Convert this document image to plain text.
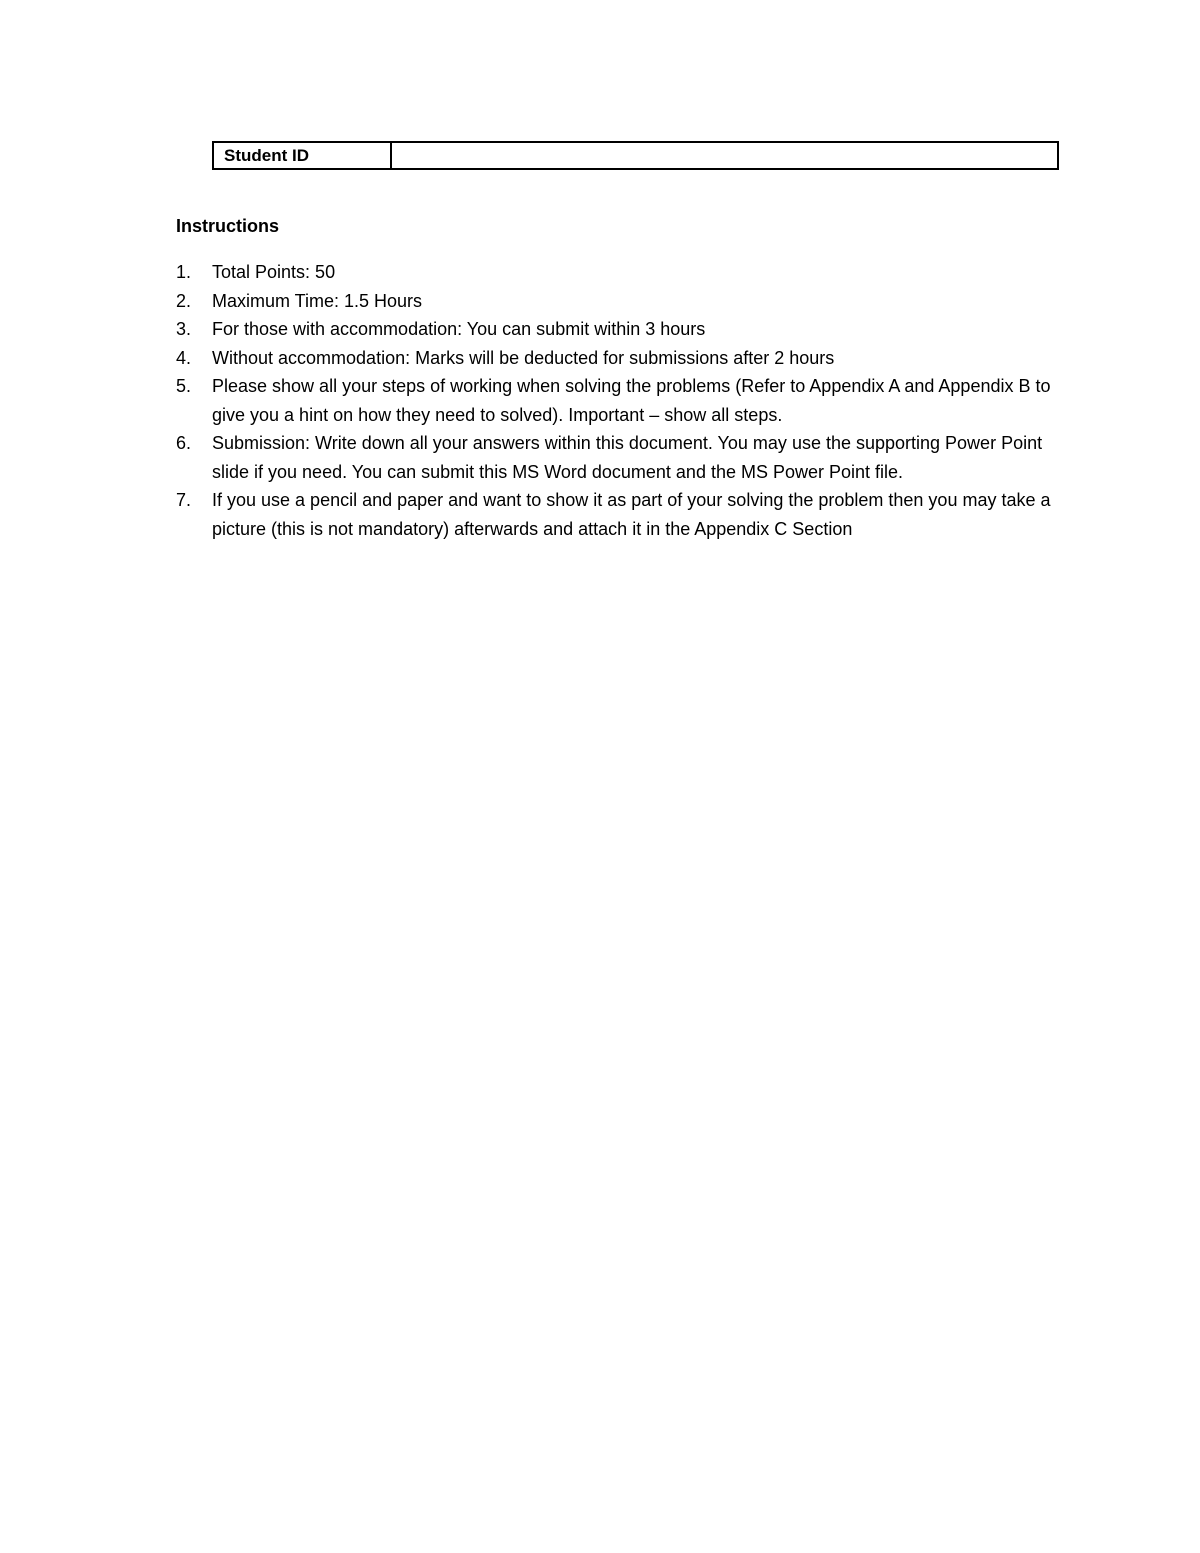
Student ID	
Instructions
1.	Total Points: 50
2.	Maximum Time: 1.5 Hours
3.	For those with accommodation: You can submit within 3 hours
4.	Without accommodation: Marks will be deducted for submissions after 2 hours
5.	Please show all your steps of working when solving the problems (Refer to Appendix A and Appendix B to give you a hint on how they need to solved). Important – show all steps.
6.	Submission: Write down all your answers within this document. You may use the supporting Power Point slide if you need. You can submit this MS Word document and the MS Power Point file.
7.	If you use a pencil and paper and want to show it as part of your solving the problem then you may take a picture (this is not mandatory) afterwards and attach it in the Appendix C Section
